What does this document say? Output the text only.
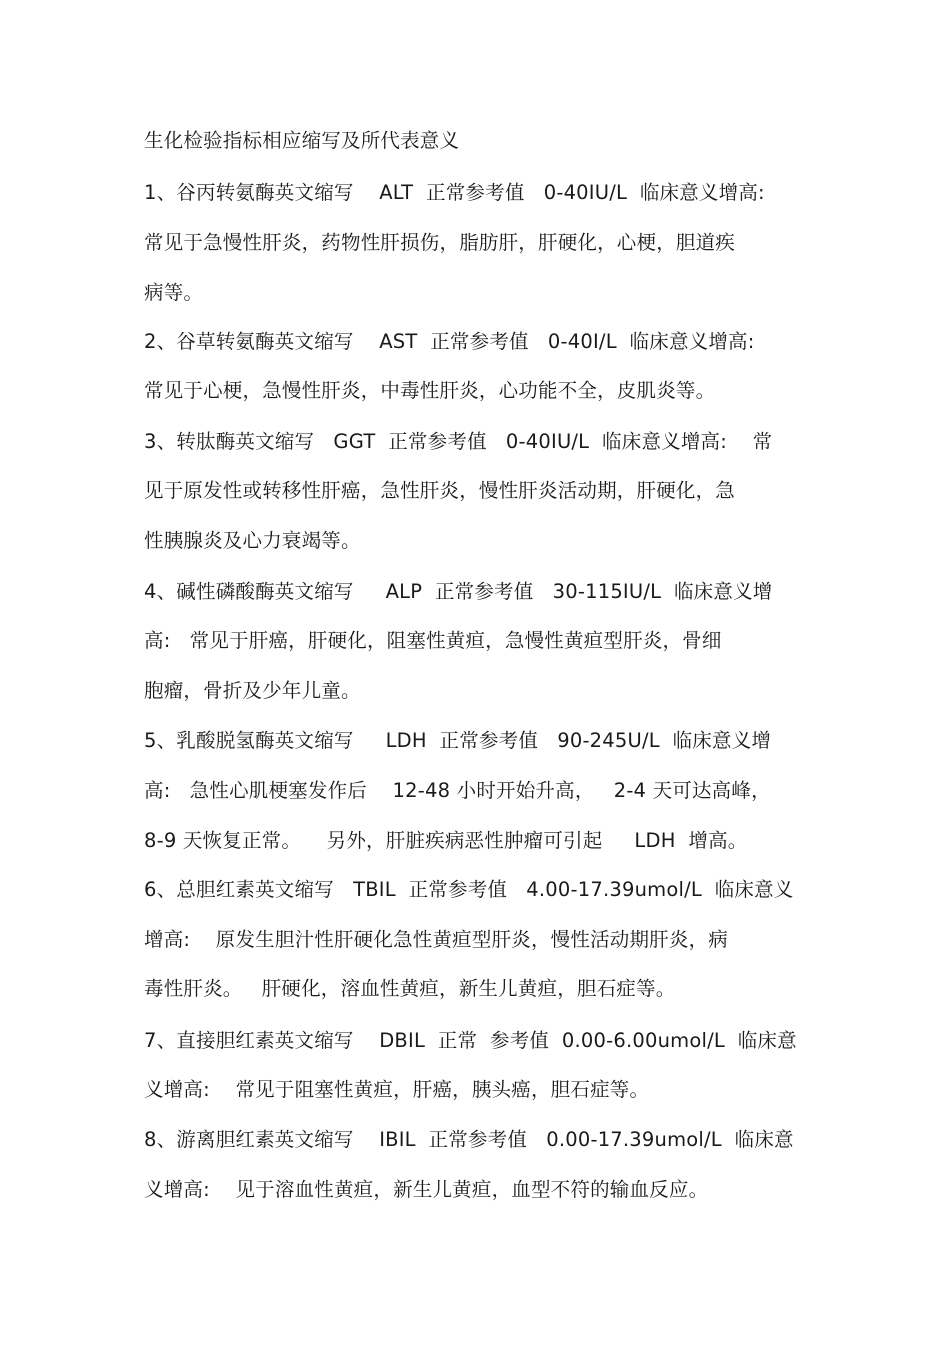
生化检验指标相应缩写及所代表意义
1、谷丙转氨酶英文缩写    ALT  正常参考值   0-40IU/L  临床意义增高:
常见于急慢性肝炎，药物性肝损伤，脂肪肝，肝硬化，心梗，胆道疾
病等。
2、谷草转氨酶英文缩写    AST  正常参考值   0-40I/L  临床意义增高:
常见于心梗，急慢性肝炎，中毒性肝炎，心功能不全，皮肌炎等。
3、转肽酶英文缩写   GGT  正常参考值   0-40IU/L  临床意义增高:    常
见于原发性或转移性肝癌，急性肝炎，慢性肝炎活动期，肝硬化，急
性胰腺炎及心力衰竭等。
4、碱性磷酸酶英文缩写     ALP  正常参考值   30-115IU/L  临床意义增
高:   常见于肝癌，肝硬化，阻塞性黄疸，急慢性黄疸型肝炎，骨细
胞瘤，骨折及少年儿童。
5、乳酸脱氢酶英文缩写     LDH  正常参考值   90-245U/L  临床意义增
高:   急性心肌梗塞发作后    12-48 小时开始升高，   2-4 天可达高峰，
8-9 天恢复正常。    另外，肝脏疾病恶性肿瘤可引起     LDH  增高。
6、总胆红素英文缩写   TBIL  正常参考值   4.00-17.39umol/L  临床意义
增高:    原发生胆汁性肝硬化急性黄疸型肝炎，慢性活动期肝炎，病
毒性肝炎。   肝硬化，溶血性黄疸，新生儿黄疸，胆石症等。
7、直接胆红素英文缩写    DBIL  正常  参考值  0.00-6.00umol/L  临床意
义增高:    常见于阻塞性黄疸，肝癌，胰头癌，胆石症等。
8、游离胆红素英文缩写    IBIL  正常参考值   0.00-17.39umol/L  临床意
义增高:    见于溶血性黄疸，新生儿黄疸，血型不符的输血反应。
